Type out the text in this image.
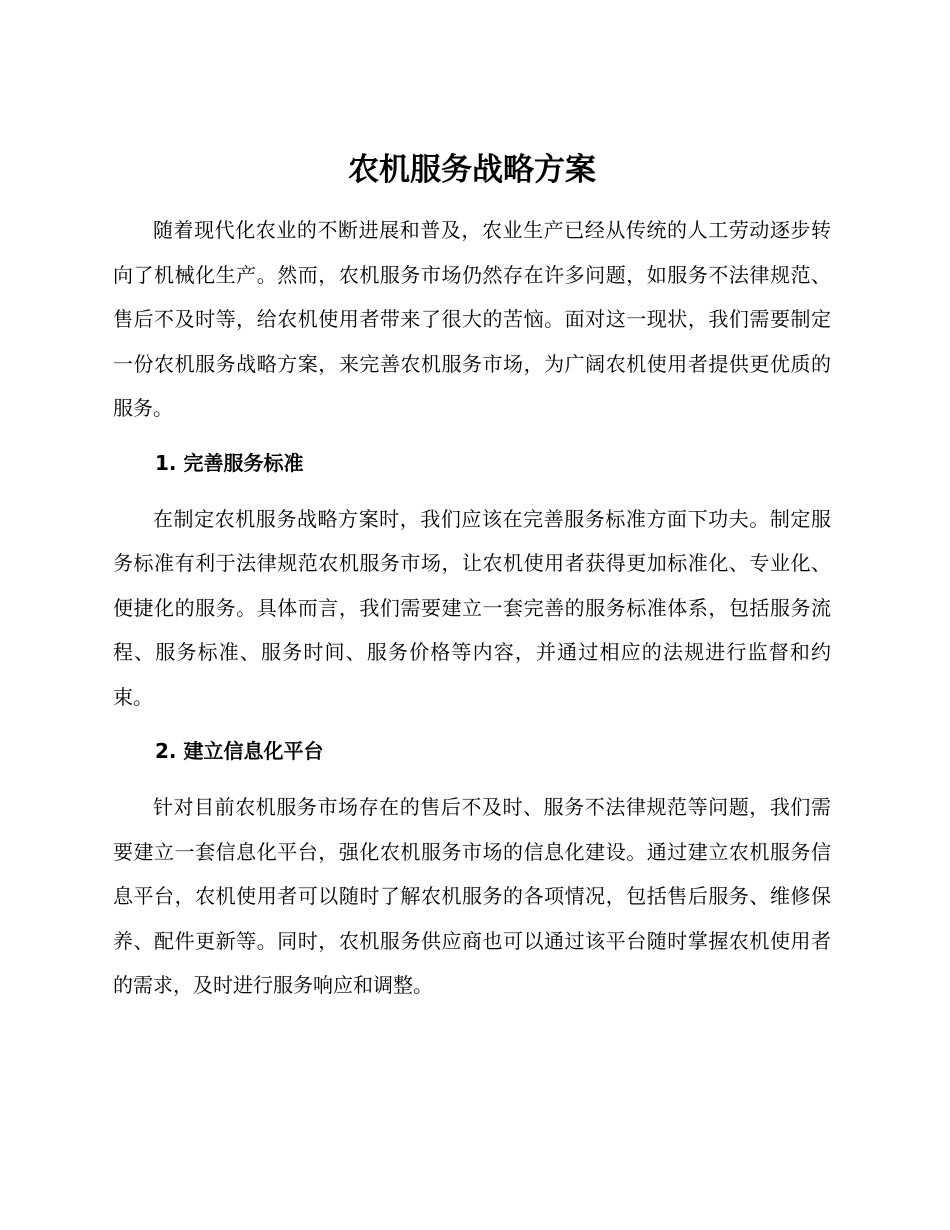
农机服务战略方案

随着现代化农业的不断进展和普及，农业生产已经从传统的人工劳动逐步转向了机械化生产。然而，农机服务市场仍然存在许多问题，如服务不法律规范、售后不及时等，给农机使用者带来了很大的苦恼。面对这一现状，我们需要制定一份农机服务战略方案，来完善农机服务市场，为广阔农机使用者提供更优质的服务。

1. 完善服务标准

在制定农机服务战略方案时，我们应该在完善服务标准方面下功夫。制定服务标准有利于法律规范农机服务市场，让农机使用者获得更加标准化、专业化、便捷化的服务。具体而言，我们需要建立一套完善的服务标准体系，包括服务流程、服务标准、服务时间、服务价格等内容，并通过相应的法规进行监督和约束。

2. 建立信息化平台

针对目前农机服务市场存在的售后不及时、服务不法律规范等问题，我们需要建立一套信息化平台，强化农机服务市场的信息化建设。通过建立农机服务信息平台，农机使用者可以随时了解农机服务的各项情况，包括售后服务、维修保养、配件更新等。同时，农机服务供应商也可以通过该平台随时掌握农机使用者的需求，及时进行服务响应和调整。
